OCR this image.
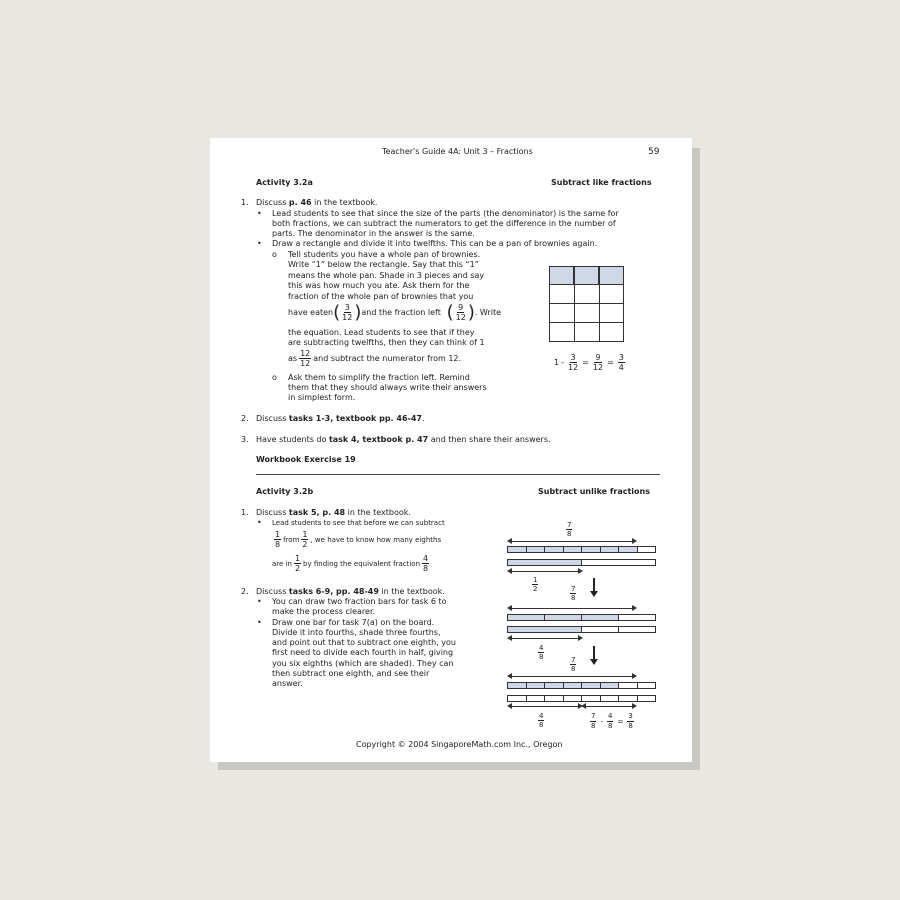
Teacher's Guide 4A: Unit 3 – Fractions	59
Activity 3.2a	Subtract like fractions
1. Discuss p. 46 in the textbook.
• Lead students to see that since the size of the parts (the denominator) is the same for
both fractions, we can subtract the numerators to get the difference in the number of
parts. The denominator in the answer is the same.
• Draw a rectangle and divide it into twelfths. This can be a pan of brownies again.
o Tell students you have a whole pan of brownies.
Write “1” below the rectangle. Say that this “1”
means the whole pan. Shade in 3 pieces and say
this was how much you ate. Ask them for the
fraction of the whole pan of brownies that you
have eaten ( $\frac{3}{12}$ ) and the fraction left ( $\frac{9}{12}$ ) . Write
the equation. Lead students to see that if they
are subtracting twelfths, then they can think of 1
as $\frac{12}{12}$ and subtract the numerator from 12.
o Ask them to simplify the fraction left. Remind
them that they should always write their answers
in simplest form.
$1 - \frac{3}{12} = \frac{9}{12} = \frac{3}{4}$
2. Discuss tasks 1-3, textbook pp. 46-47.
3. Have students do task 4, textbook p. 47 and then share their answers.
Workbook Exercise 19
Activity 3.2b	Subtract unlike fractions
1. Discuss task 5, p. 48 in the textbook.
• Lead students to see that before we can subtract
$\frac{1}{8}$ from $\frac{1}{2}$ , we have to know how many eighths
are in $\frac{1}{2}$ by finding the equivalent fraction $\frac{4}{8}$
2. Discuss tasks 6-9, pp. 48-49 in the textbook.
• You can draw two fraction bars for task 6 to
make the process clearer.
• Draw one bar for task 7(a) on the board.
Divide it into fourths, shade three fourths,
and point out that to subtract one eighth, you
first need to divide each fourth in half, giving
you six eighths (which are shaded). They can
then subtract one eighth, and see their
answer.
7
8
1
2	7
8
4
8	7
8
4
8	$\frac{7}{8} - \frac{4}{8} = \frac{3}{8}$
Copyright © 2004 SingaporeMath.com Inc., Oregon
